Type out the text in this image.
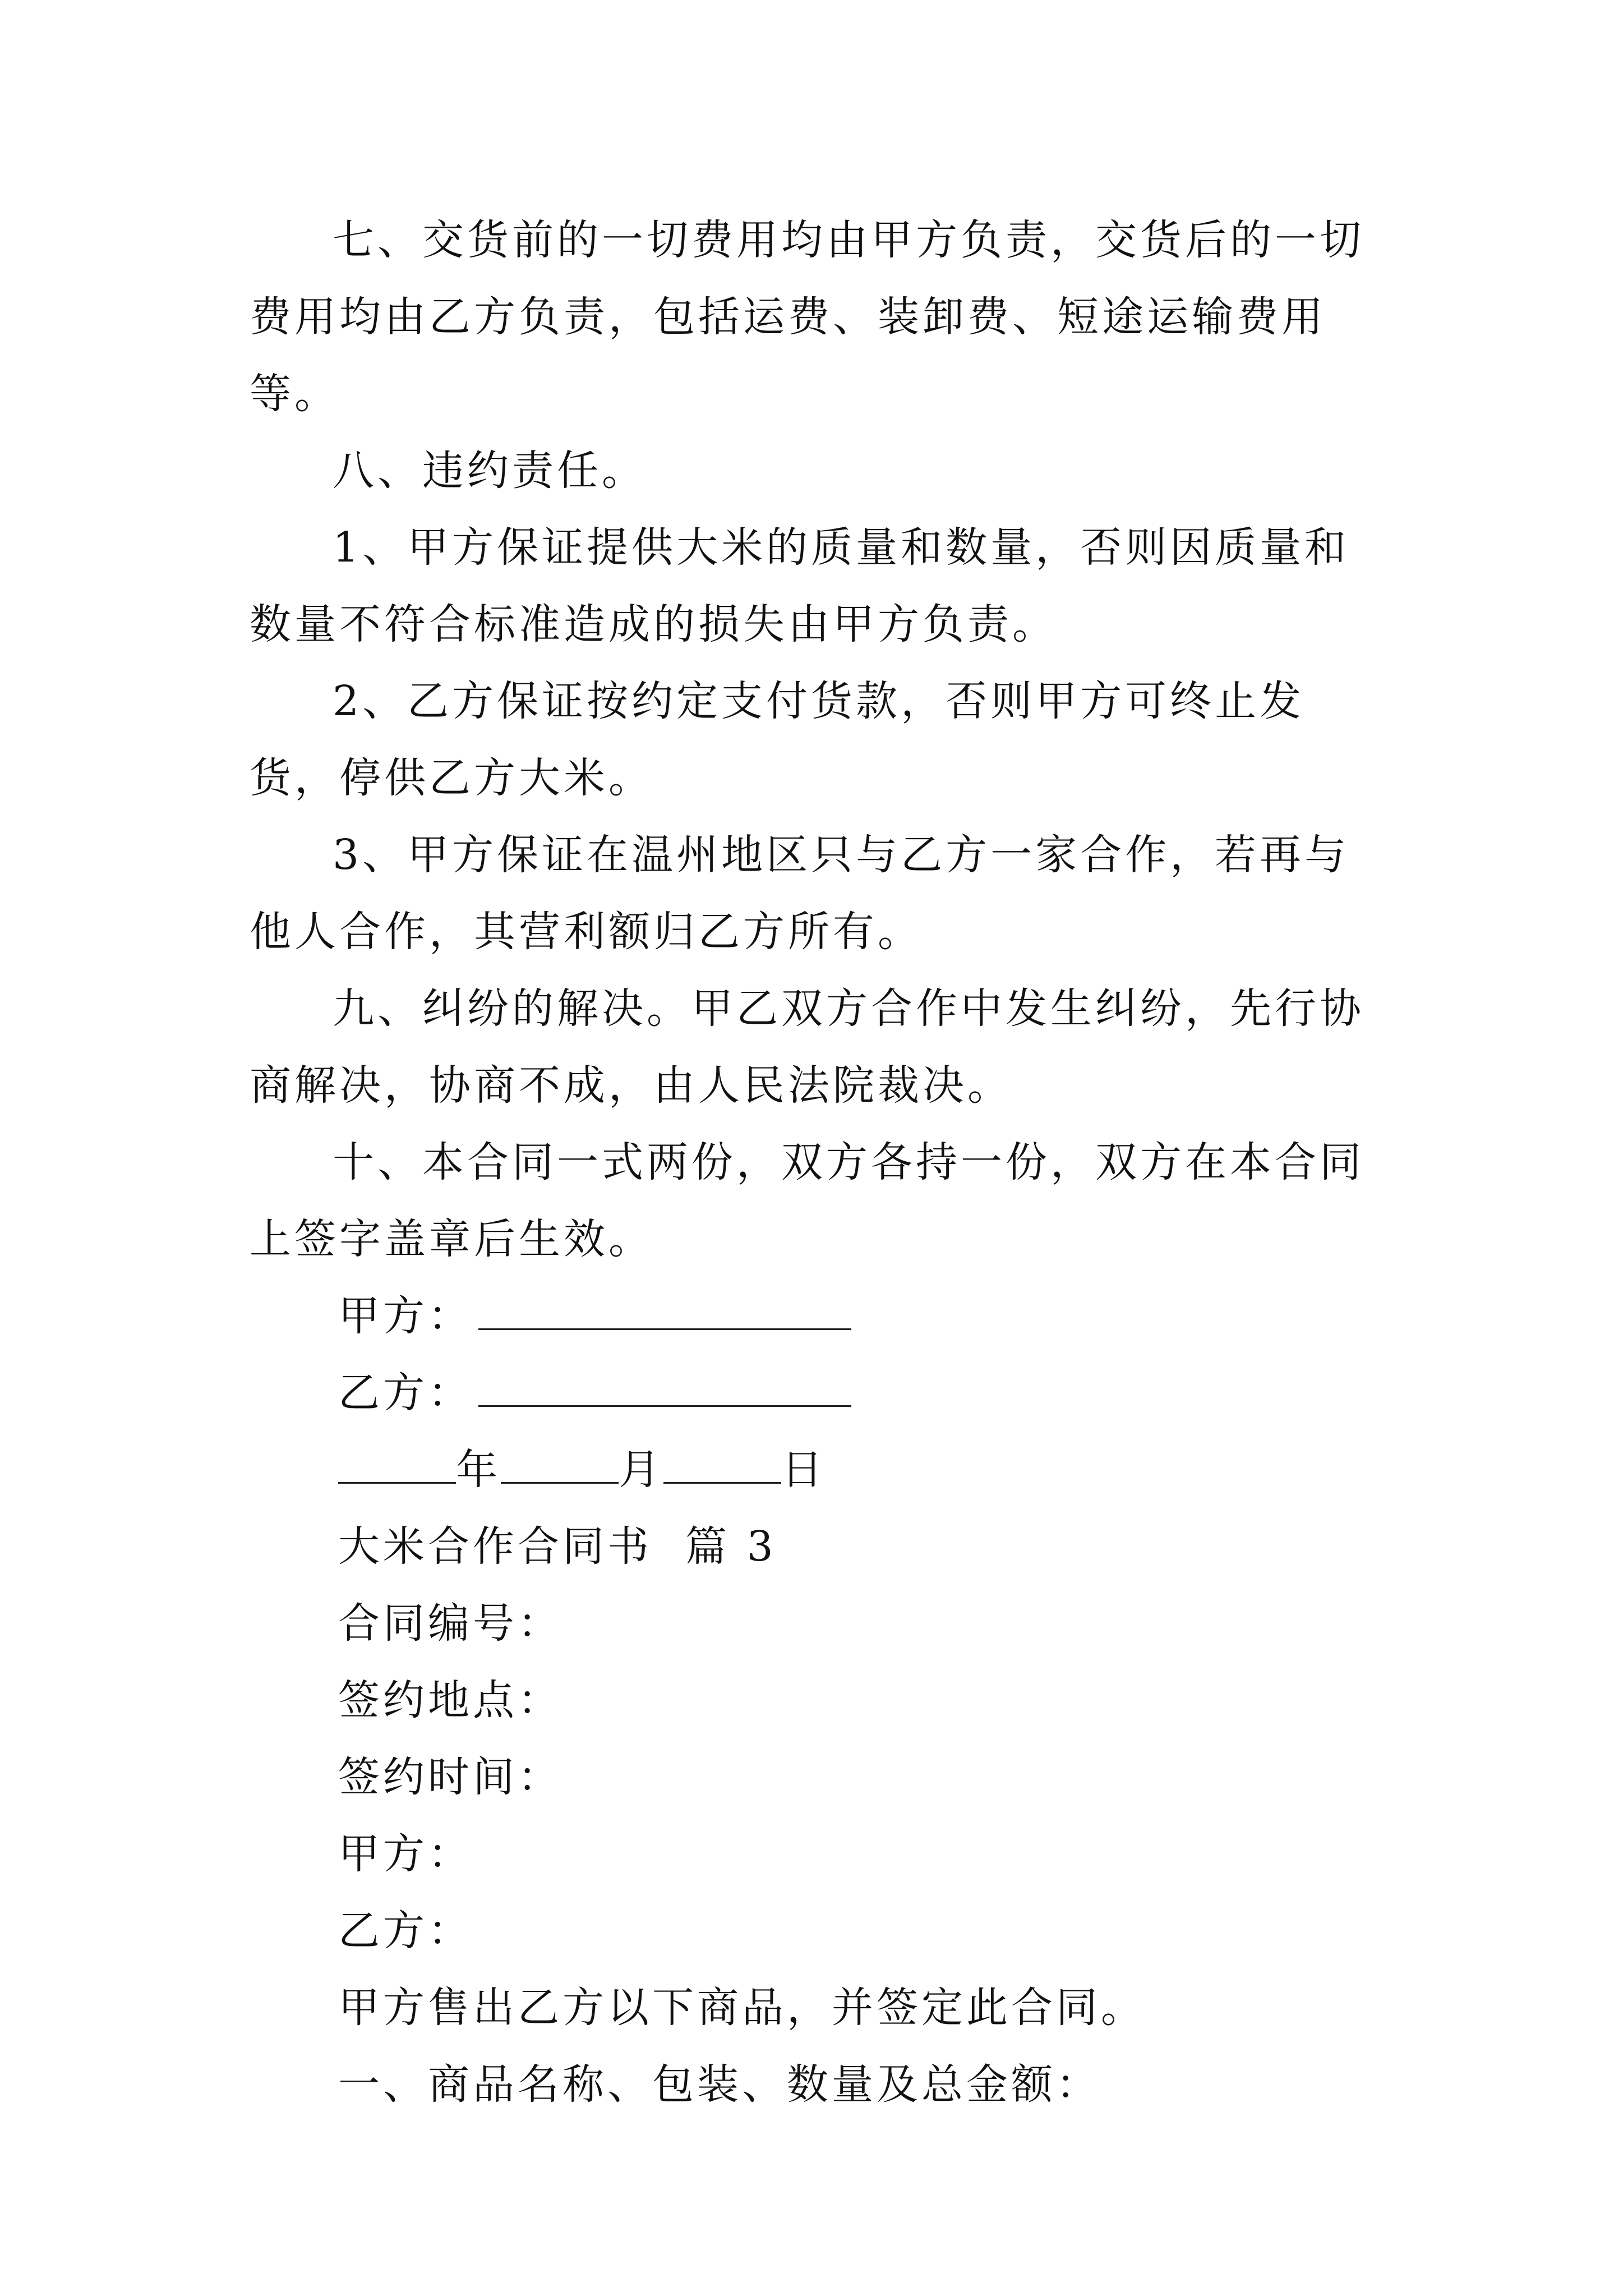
七、交货前的一切费用均由甲方负责，交货后的一切费用均由乙方负责，包括运费、装卸费、短途运输费用等。

八、违约责任。

1、甲方保证提供大米的质量和数量，否则因质量和数量不符合标准造成的损失由甲方负责。

2、乙方保证按约定支付货款，否则甲方可终止发货，停供乙方大米。

3、甲方保证在温州地区只与乙方一家合作，若再与他人合作，其营利额归乙方所有。

九、纠纷的解决。甲乙双方合作中发生纠纷，先行协商解决，协商不成，由人民法院裁决。

十、本合同一式两份，双方各持一份，双方在本合同上签字盖章后生效。

甲方：

乙方：

年	月	日

大米合作合同书  篇 3

合同编号：

签约地点：

签约时间：

甲方：

乙方：

甲方售出乙方以下商品，并签定此合同。

一、商品名称、包装、数量及总金额：
